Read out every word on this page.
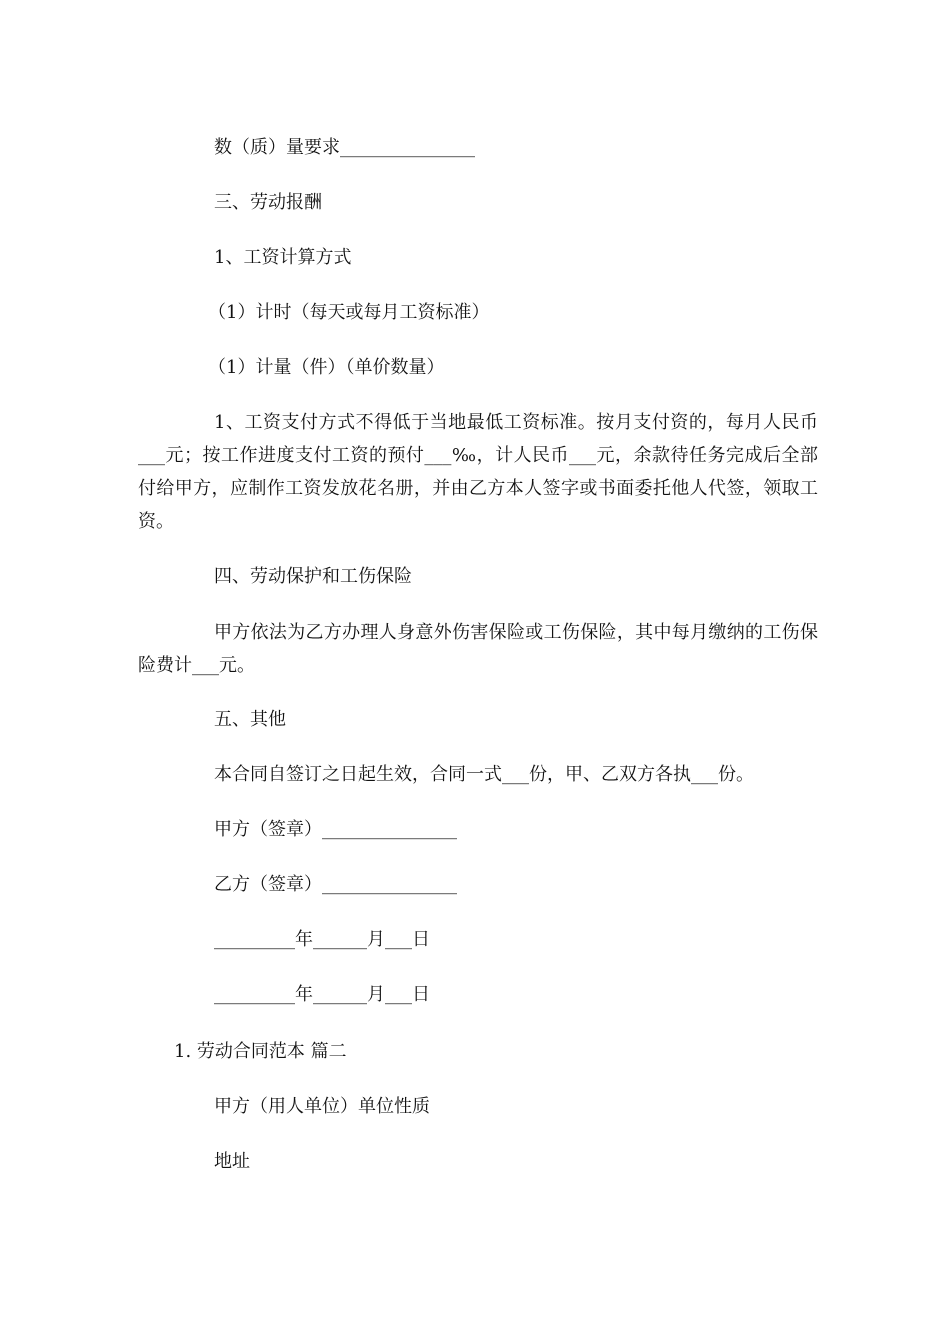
数（质）量要求_______________

三、劳动报酬

1、工资计算方式

（1）计时（每天或每月工资标准）

（1）计量（件）（单价数量）

1、工资支付方式不得低于当地最低工资标准。按月支付资的，每月人民币___元；按工作进度支付工资的预付___‰，计人民币___元，余款待任务完成后全部付给甲方，应制作工资发放花名册，并由乙方本人签字或书面委托他人代签，领取工资。

四、劳动保护和工伤保险

甲方依法为乙方办理人身意外伤害保险或工伤保险，其中每月缴纳的工伤保险费计___元。

五、其他

本合同自签订之日起生效，合同一式___份，甲、乙双方各执___份。

甲方（签章）_______________

乙方（签章）_______________

_________年______月___日

_________年______月___日

1. 劳动合同范本 篇二

甲方（用人单位）单位性质

地址
